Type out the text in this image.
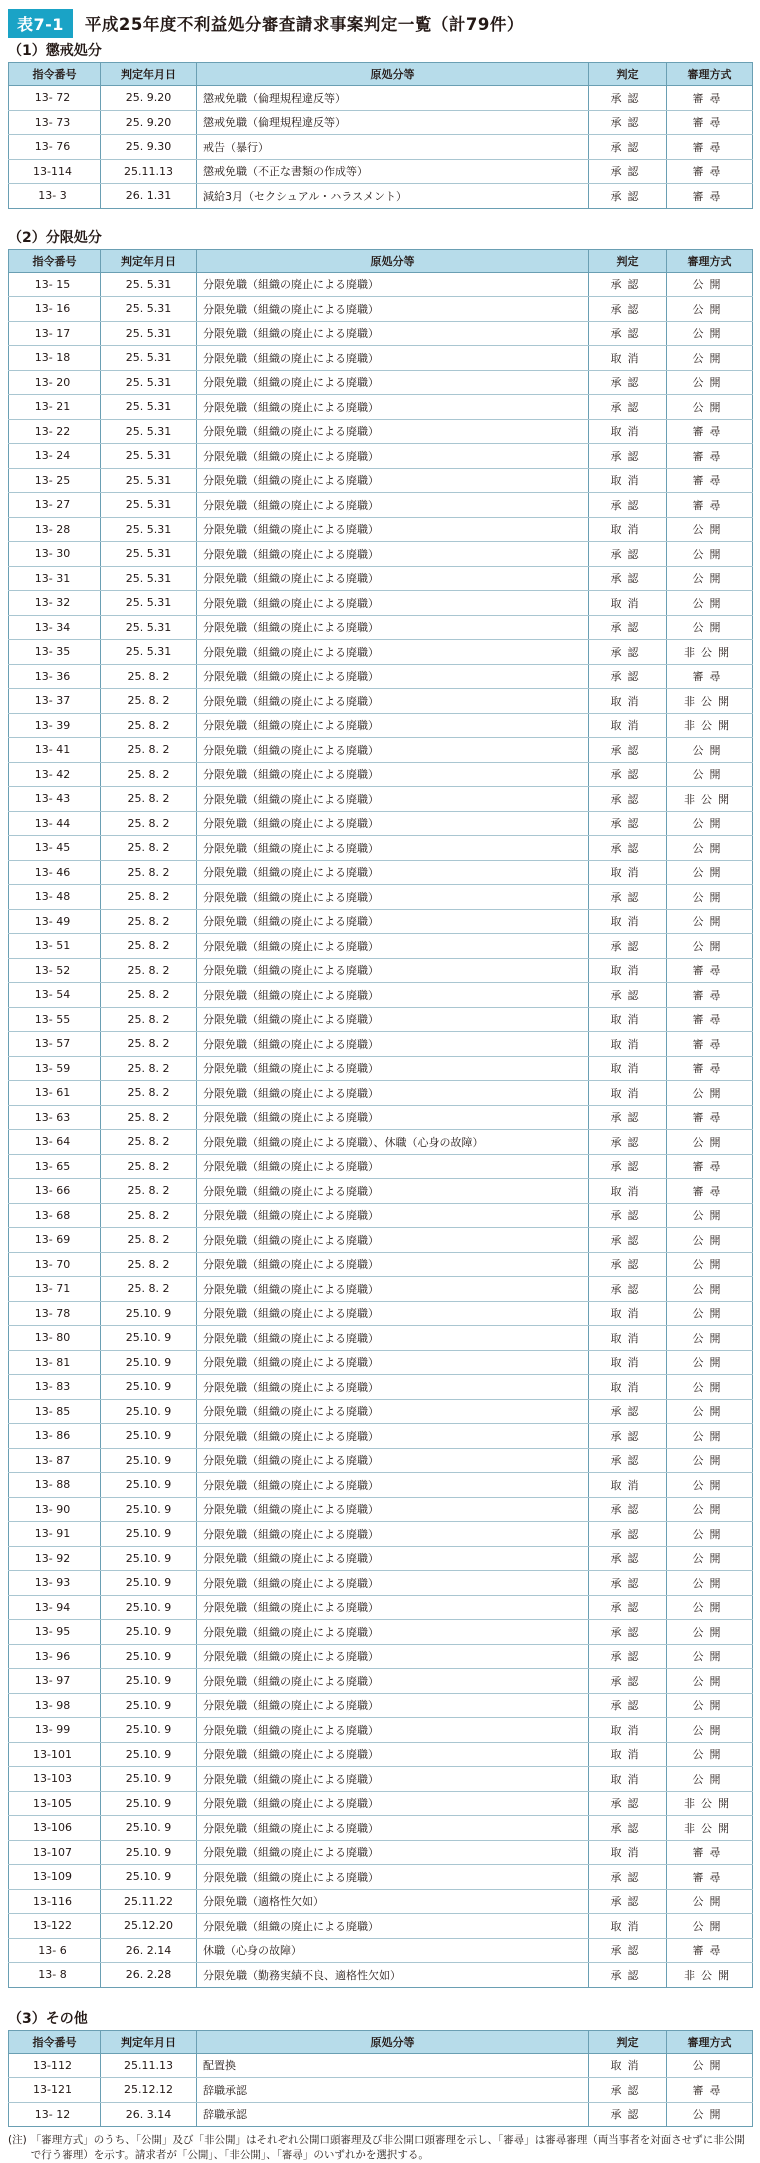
表7-1	平成25年度不利益処分審査請求事案判定一覧（計79件）
（1）懲戒処分
指令番号	判定年月日	原処分等	判定	審理方式
13- 72	25. 9.20	懲戒免職（倫理規程違反等）	承認	審尋
13- 73	25. 9.20	懲戒免職（倫理規程違反等）	承認	審尋
13- 76	25. 9.30	戒告（暴行）	承認	審尋
13-114	25.11.13	懲戒免職（不正な書類の作成等）	承認	審尋
13- 3	26. 1.31	減給3月（セクシュアル・ハラスメント）	承認	審尋
（2）分限処分
指令番号	判定年月日	原処分等	判定	審理方式
13- 15	25. 5.31	分限免職（組織の廃止による廃職）	承認	公開
13- 16	25. 5.31	分限免職（組織の廃止による廃職）	承認	公開
13- 17	25. 5.31	分限免職（組織の廃止による廃職）	承認	公開
13- 18	25. 5.31	分限免職（組織の廃止による廃職）	取消	公開
13- 20	25. 5.31	分限免職（組織の廃止による廃職）	承認	公開
13- 21	25. 5.31	分限免職（組織の廃止による廃職）	承認	公開
13- 22	25. 5.31	分限免職（組織の廃止による廃職）	取消	審尋
13- 24	25. 5.31	分限免職（組織の廃止による廃職）	承認	審尋
13- 25	25. 5.31	分限免職（組織の廃止による廃職）	取消	審尋
13- 27	25. 5.31	分限免職（組織の廃止による廃職）	承認	審尋
13- 28	25. 5.31	分限免職（組織の廃止による廃職）	取消	公開
13- 30	25. 5.31	分限免職（組織の廃止による廃職）	承認	公開
13- 31	25. 5.31	分限免職（組織の廃止による廃職）	承認	公開
13- 32	25. 5.31	分限免職（組織の廃止による廃職）	取消	公開
13- 34	25. 5.31	分限免職（組織の廃止による廃職）	承認	公開
13- 35	25. 5.31	分限免職（組織の廃止による廃職）	承認	非公開
13- 36	25. 8. 2	分限免職（組織の廃止による廃職）	承認	審尋
13- 37	25. 8. 2	分限免職（組織の廃止による廃職）	取消	非公開
13- 39	25. 8. 2	分限免職（組織の廃止による廃職）	取消	非公開
13- 41	25. 8. 2	分限免職（組織の廃止による廃職）	承認	公開
13- 42	25. 8. 2	分限免職（組織の廃止による廃職）	承認	公開
13- 43	25. 8. 2	分限免職（組織の廃止による廃職）	承認	非公開
13- 44	25. 8. 2	分限免職（組織の廃止による廃職）	承認	公開
13- 45	25. 8. 2	分限免職（組織の廃止による廃職）	承認	公開
13- 46	25. 8. 2	分限免職（組織の廃止による廃職）	取消	公開
13- 48	25. 8. 2	分限免職（組織の廃止による廃職）	承認	公開
13- 49	25. 8. 2	分限免職（組織の廃止による廃職）	取消	公開
13- 51	25. 8. 2	分限免職（組織の廃止による廃職）	承認	公開
13- 52	25. 8. 2	分限免職（組織の廃止による廃職）	取消	審尋
13- 54	25. 8. 2	分限免職（組織の廃止による廃職）	承認	審尋
13- 55	25. 8. 2	分限免職（組織の廃止による廃職）	取消	審尋
13- 57	25. 8. 2	分限免職（組織の廃止による廃職）	取消	審尋
13- 59	25. 8. 2	分限免職（組織の廃止による廃職）	取消	審尋
13- 61	25. 8. 2	分限免職（組織の廃止による廃職）	取消	公開
13- 63	25. 8. 2	分限免職（組織の廃止による廃職）	承認	審尋
13- 64	25. 8. 2	分限免職（組織の廃止による廃職）、休職（心身の故障）	承認	公開
13- 65	25. 8. 2	分限免職（組織の廃止による廃職）	承認	審尋
13- 66	25. 8. 2	分限免職（組織の廃止による廃職）	取消	審尋
13- 68	25. 8. 2	分限免職（組織の廃止による廃職）	承認	公開
13- 69	25. 8. 2	分限免職（組織の廃止による廃職）	承認	公開
13- 70	25. 8. 2	分限免職（組織の廃止による廃職）	承認	公開
13- 71	25. 8. 2	分限免職（組織の廃止による廃職）	承認	公開
13- 78	25.10. 9	分限免職（組織の廃止による廃職）	取消	公開
13- 80	25.10. 9	分限免職（組織の廃止による廃職）	取消	公開
13- 81	25.10. 9	分限免職（組織の廃止による廃職）	取消	公開
13- 83	25.10. 9	分限免職（組織の廃止による廃職）	取消	公開
13- 85	25.10. 9	分限免職（組織の廃止による廃職）	承認	公開
13- 86	25.10. 9	分限免職（組織の廃止による廃職）	承認	公開
13- 87	25.10. 9	分限免職（組織の廃止による廃職）	承認	公開
13- 88	25.10. 9	分限免職（組織の廃止による廃職）	取消	公開
13- 90	25.10. 9	分限免職（組織の廃止による廃職）	承認	公開
13- 91	25.10. 9	分限免職（組織の廃止による廃職）	承認	公開
13- 92	25.10. 9	分限免職（組織の廃止による廃職）	承認	公開
13- 93	25.10. 9	分限免職（組織の廃止による廃職）	承認	公開
13- 94	25.10. 9	分限免職（組織の廃止による廃職）	承認	公開
13- 95	25.10. 9	分限免職（組織の廃止による廃職）	承認	公開
13- 96	25.10. 9	分限免職（組織の廃止による廃職）	承認	公開
13- 97	25.10. 9	分限免職（組織の廃止による廃職）	承認	公開
13- 98	25.10. 9	分限免職（組織の廃止による廃職）	承認	公開
13- 99	25.10. 9	分限免職（組織の廃止による廃職）	取消	公開
13-101	25.10. 9	分限免職（組織の廃止による廃職）	取消	公開
13-103	25.10. 9	分限免職（組織の廃止による廃職）	取消	公開
13-105	25.10. 9	分限免職（組織の廃止による廃職）	承認	非公開
13-106	25.10. 9	分限免職（組織の廃止による廃職）	承認	非公開
13-107	25.10. 9	分限免職（組織の廃止による廃職）	取消	審尋
13-109	25.10. 9	分限免職（組織の廃止による廃職）	承認	審尋
13-116	25.11.22	分限免職（適格性欠如）	承認	公開
13-122	25.12.20	分限免職（組織の廃止による廃職）	取消	公開
13- 6	26. 2.14	休職（心身の故障）	承認	審尋
13- 8	26. 2.28	分限免職（勤務実績不良、適格性欠如）	承認	非公開
（3）その他
指令番号	判定年月日	原処分等	判定	審理方式
13-112	25.11.13	配置換	取消	公開
13-121	25.12.12	辞職承認	承認	審尋
13- 12	26. 3.14	辞職承認	承認	公開
(注) 「審理方式」のうち、「公開」及び「非公開」はそれぞれ公開口頭審理及び非公開口頭審理を示し、「審尋」は審尋審理（両当事者を対面させずに非公開で行う審理）を示す。請求者が「公開」、「非公開」、「審尋」のいずれかを選択する。
